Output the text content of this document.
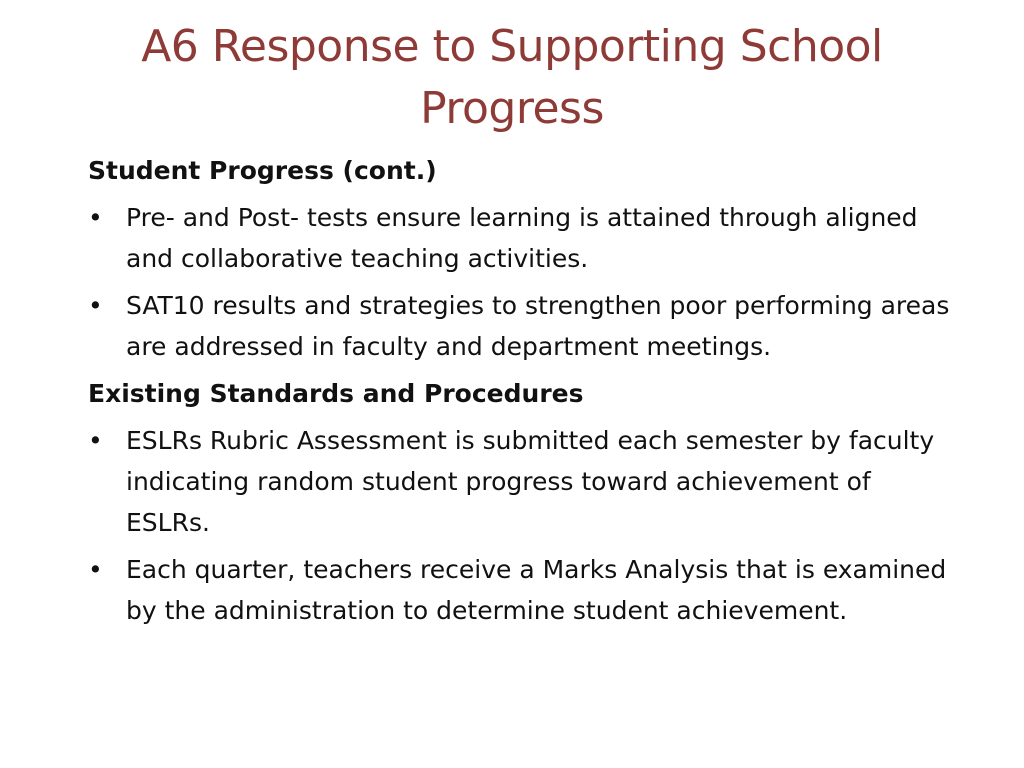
A6 Response to Supporting School Progress
Student Progress (cont.)
• Pre- and Post- tests ensure learning is attained through aligned and collaborative teaching activities.
• SAT10 results and strategies to strengthen poor performing areas are addressed in faculty and department meetings.
Existing Standards and Procedures
• ESLRs Rubric Assessment is submitted each semester by faculty indicating random student progress toward achievement of ESLRs.
• Each quarter, teachers receive a Marks Analysis that is examined by the administration to determine student achievement.
